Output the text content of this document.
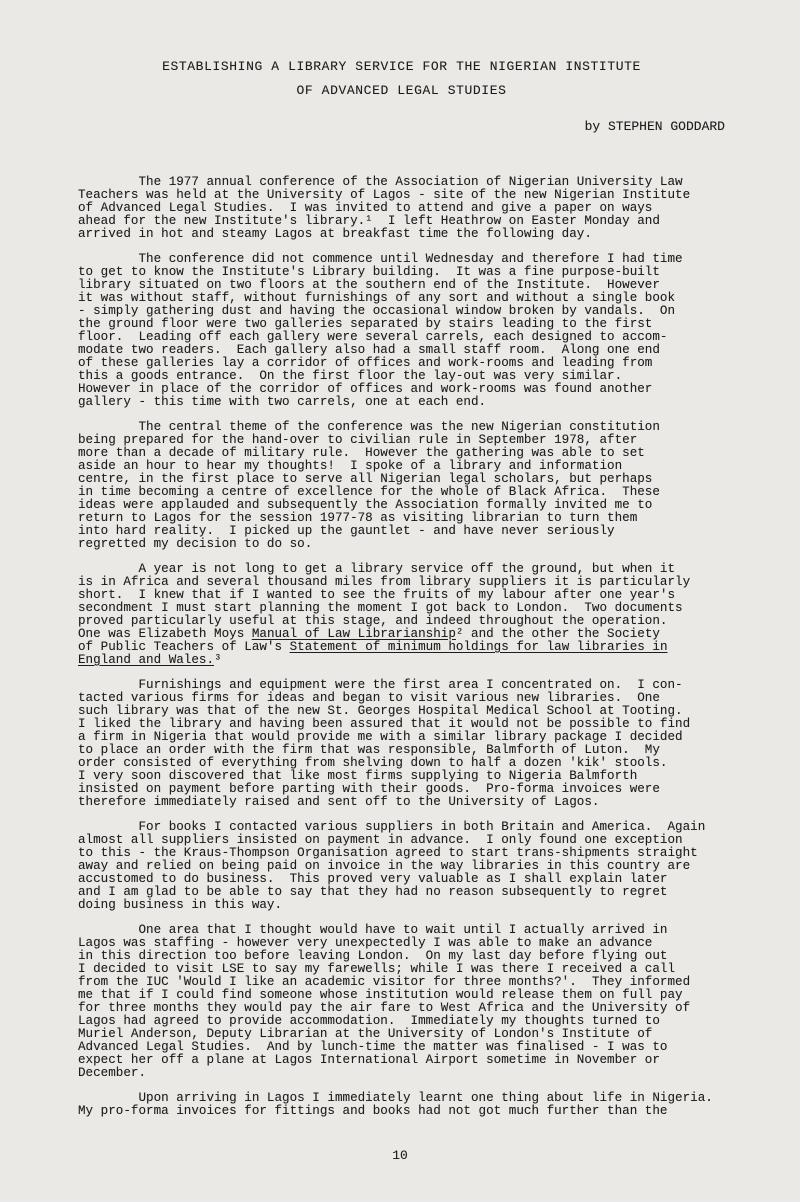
ESTABLISHING A LIBRARY SERVICE FOR THE NIGERIAN INSTITUTE
OF ADVANCED LEGAL STUDIES
by STEPHEN GODDARD
The 1977 annual conference of the Association of Nigerian University Law
Teachers was held at the University of Lagos - site of the new Nigerian Institute
of Advanced Legal Studies.  I was invited to attend and give a paper on ways
ahead for the new Institute's library.¹  I left Heathrow on Easter Monday and
arrived in hot and steamy Lagos at breakfast time the following day.
The conference did not commence until Wednesday and therefore I had time
to get to know the Institute's Library building.  It was a fine purpose-built
library situated on two floors at the southern end of the Institute.  However
it was without staff, without furnishings of any sort and without a single book
- simply gathering dust and having the occasional window broken by vandals.  On
the ground floor were two galleries separated by stairs leading to the first
floor.  Leading off each gallery were several carrels, each designed to accom-
modate two readers.  Each gallery also had a small staff room.  Along one end
of these galleries lay a corridor of offices and work-rooms and leading from
this a goods entrance.  On the first floor the lay-out was very similar.
However in place of the corridor of offices and work-rooms was found another
gallery - this time with two carrels, one at each end.
The central theme of the conference was the new Nigerian constitution
being prepared for the hand-over to civilian rule in September 1978, after
more than a decade of military rule.  However the gathering was able to set
aside an hour to hear my thoughts!  I spoke of a library and information
centre, in the first place to serve all Nigerian legal scholars, but perhaps
in time becoming a centre of excellence for the whole of Black Africa.  These
ideas were applauded and subsequently the Association formally invited me to
return to Lagos for the session 1977-78 as visiting librarian to turn them
into hard reality.  I picked up the gauntlet - and have never seriously
regretted my decision to do so.
A year is not long to get a library service off the ground, but when it
is in Africa and several thousand miles from library suppliers it is particularly
short.  I knew that if I wanted to see the fruits of my labour after one year's
secondment I must start planning the moment I got back to London.  Two documents
proved particularly useful at this stage, and indeed throughout the operation.
One was Elizabeth Moys Manual of Law Librarianship² and the other the Society
of Public Teachers of Law's Statement of minimum holdings for law libraries in
England and Wales.³
Furnishings and equipment were the first area I concentrated on.  I con-
tacted various firms for ideas and began to visit various new libraries.  One
such library was that of the new St. Georges Hospital Medical School at Tooting.
I liked the library and having been assured that it would not be possible to find
a firm in Nigeria that would provide me with a similar library package I decided
to place an order with the firm that was responsible, Balmforth of Luton.  My
order consisted of everything from shelving down to half a dozen 'kik' stools.
I very soon discovered that like most firms supplying to Nigeria Balmforth
insisted on payment before parting with their goods.  Pro-forma invoices were
therefore immediately raised and sent off to the University of Lagos.
For books I contacted various suppliers in both Britain and America.  Again
almost all suppliers insisted on payment in advance.  I only found one exception
to this - the Kraus-Thompson Organisation agreed to start trans-shipments straight
away and relied on being paid on invoice in the way libraries in this country are
accustomed to do business.  This proved very valuable as I shall explain later
and I am glad to be able to say that they had no reason subsequently to regret
doing business in this way.
One area that I thought would have to wait until I actually arrived in
Lagos was staffing - however very unexpectedly I was able to make an advance
in this direction too before leaving London.  On my last day before flying out
I decided to visit LSE to say my farewells; while I was there I received a call
from the IUC 'Would I like an academic visitor for three months?'.  They informed
me that if I could find someone whose institution would release them on full pay
for three months they would pay the air fare to West Africa and the University of
Lagos had agreed to provide accommodation.  Immediately my thoughts turned to
Muriel Anderson, Deputy Librarian at the University of London's Institute of
Advanced Legal Studies.  And by lunch-time the matter was finalised - I was to
expect her off a plane at Lagos International Airport sometime in November or
December.
Upon arriving in Lagos I immediately learnt one thing about life in Nigeria.
My pro-forma invoices for fittings and books had not got much further than the
10
